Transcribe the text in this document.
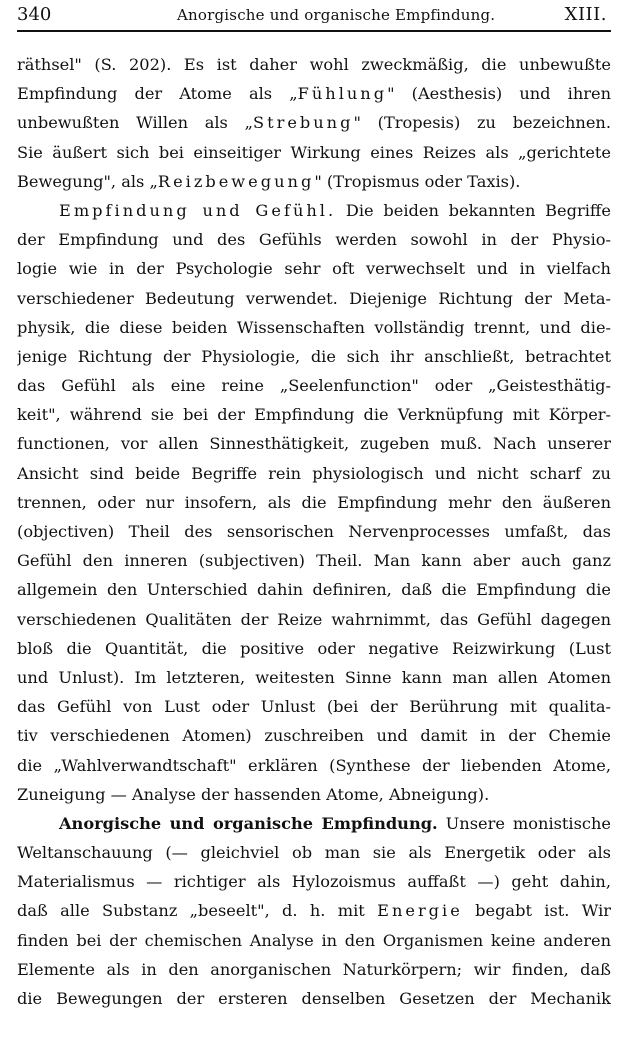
340	Anorgische und organische Empfindung.	XIII.
räthsel" (S. 202). Es ist daher wohl zweckmäßig, die unbewußte
Empfindung der Atome als „Fühlung" (Aesthesis) und ihren
unbewußten Willen als „Strebung" (Tropesis) zu bezeichnen.
Sie äußert sich bei einseitiger Wirkung eines Reizes als „gerichtete
Bewegung", als „Reizbewegung" (Tropismus oder Taxis).
Empfindung und Gefühl. Die beiden bekannten Begriffe
der Empfindung und des Gefühls werden sowohl in der Physio-
logie wie in der Psychologie sehr oft verwechselt und in vielfach
verschiedener Bedeutung verwendet. Diejenige Richtung der Meta-
physik, die diese beiden Wissenschaften vollständig trennt, und die-
jenige Richtung der Physiologie, die sich ihr anschließt, betrachtet
das Gefühl als eine reine „Seelenfunction" oder „Geistesthätig-
keit", während sie bei der Empfindung die Verknüpfung mit Körper-
functionen, vor allen Sinnesthätigkeit, zugeben muß. Nach unserer
Ansicht sind beide Begriffe rein physiologisch und nicht scharf zu
trennen, oder nur insofern, als die Empfindung mehr den äußeren
(objectiven) Theil des sensorischen Nervenprocesses umfaßt, das
Gefühl den inneren (subjectiven) Theil. Man kann aber auch ganz
allgemein den Unterschied dahin definiren, daß die Empfindung die
verschiedenen Qualitäten der Reize wahrnimmt, das Gefühl dagegen
bloß die Quantität, die positive oder negative Reizwirkung (Lust
und Unlust). Im letzteren, weitesten Sinne kann man allen Atomen
das Gefühl von Lust oder Unlust (bei der Berührung mit qualita-
tiv verschiedenen Atomen) zuschreiben und damit in der Chemie
die „Wahlverwandtschaft" erklären (Synthese der liebenden Atome,
Zuneigung — Analyse der hassenden Atome, Abneigung).
Anorgische und organische Empfindung. Unsere monistische
Weltanschauung (— gleichviel ob man sie als Energetik oder als
Materialismus — richtiger als Hylozoismus auffaßt —) geht dahin,
daß alle Substanz „beseelt", d. h. mit Energie begabt ist. Wir
finden bei der chemischen Analyse in den Organismen keine anderen
Elemente als in den anorganischen Naturkörpern; wir finden, daß
die Bewegungen der ersteren denselben Gesetzen der Mechanik
